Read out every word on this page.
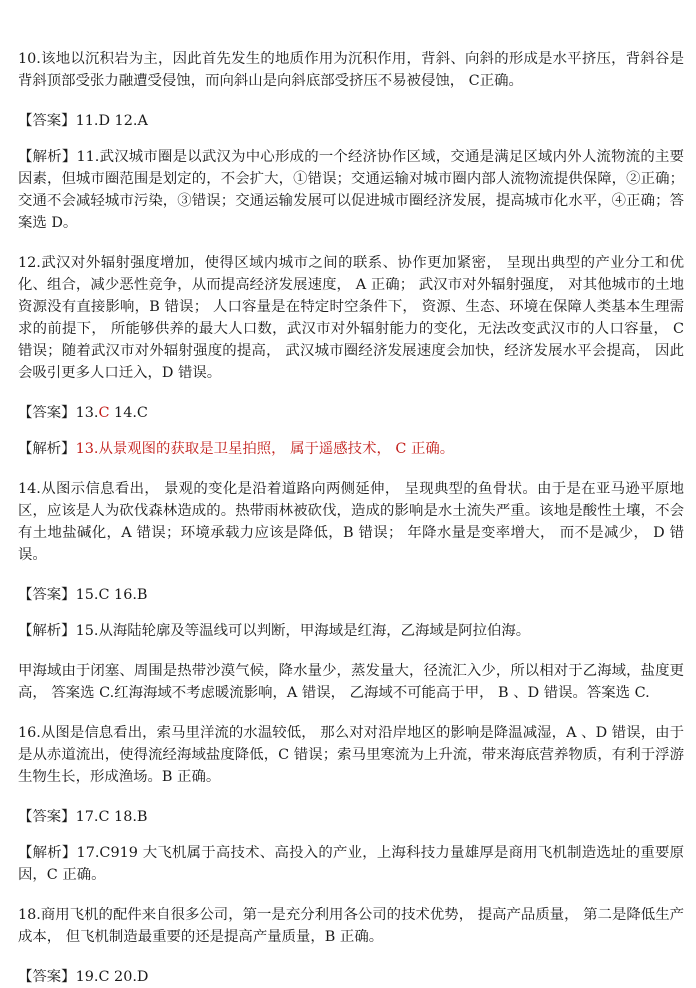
10.该地以沉积岩为主，因此首先发生的地质作用为沉积作用，背斜、向斜的形成是水平挤压，背斜谷是背斜顶部受张力融遭受侵蚀，而向斜山是向斜底部受挤压不易被侵蚀， C正确。

【答案】11.D 12.A

【解析】11.武汉城市圈是以武汉为中心形成的一个经济协作区域，交通是满足区域内外人流物流的主要因素，但城市圈范围是划定的，不会扩大，①错误；交通运输对城市圈内部人流物流提供保障，②正确；交通不会减轻城市污染，③错误；交通运输发展可以促进城市圈经济发展，提高城市化水平，④正确；答案选 D。

12.武汉对外辐射强度增加，使得区域内城市之间的联系、协作更加紧密， 呈现出典型的产业分工和优化、组合，减少恶性竞争，从而提高经济发展速度， A 正确； 武汉市对外辐射强度， 对其他城市的土地资源没有直接影响，B 错误； 人口容量是在特定时空条件下， 资源、生态、环境在保障人类基本生理需求的前提下， 所能够供养的最大人口数，武汉市对外辐射能力的变化，无法改变武汉市的人口容量， C 错误；随着武汉市对外辐射强度的提高， 武汉城市圈经济发展速度会加快，经济发展水平会提高， 因此会吸引更多人口迁入，D 错误。

【答案】13.C 14.C

【解析】13.从景观图的获取是卫星拍照， 属于遥感技术， C 正确。

14.从图示信息看出， 景观的变化是沿着道路向两侧延伸， 呈现典型的鱼骨状。由于是在亚马逊平原地区，应该是人为砍伐森林造成的。热带雨林被砍伐，造成的影响是水土流失严重。该地是酸性土壤，不会有土地盐碱化，A 错误；环境承载力应该是降低，B 错误； 年降水量是变率增大， 而不是减少， D 错误。

【答案】15.C 16.B

【解析】15.从海陆轮廓及等温线可以判断，甲海域是红海，乙海域是阿拉伯海。

甲海域由于闭塞、周围是热带沙漠气候，降水量少，蒸发量大，径流汇入少，所以相对于乙海域，盐度更高， 答案选 C.红海海域不考虑暖流影响，A 错误， 乙海域不可能高于甲， B 、D 错误。答案选 C.

16.从图是信息看出，索马里洋流的水温较低， 那么对对沿岸地区的影响是降温减湿，A 、D 错误，由于是从赤道流出，使得流经海域盐度降低，C 错误；索马里寒流为上升流，带来海底营养物质，有利于浮游生物生长，形成渔场。B 正确。

【答案】17.C 18.B

【解析】17.C919 大飞机属于高技术、高投入的产业，上海科技力量雄厚是商用飞机制造选址的重要原因，C 正确。

18.商用飞机的配件来自很多公司，第一是充分利用各公司的技术优势， 提高产品质量， 第二是降低生产成本， 但飞机制造最重要的还是提高产量质量，B 正确。

【答案】19.C 20.D
